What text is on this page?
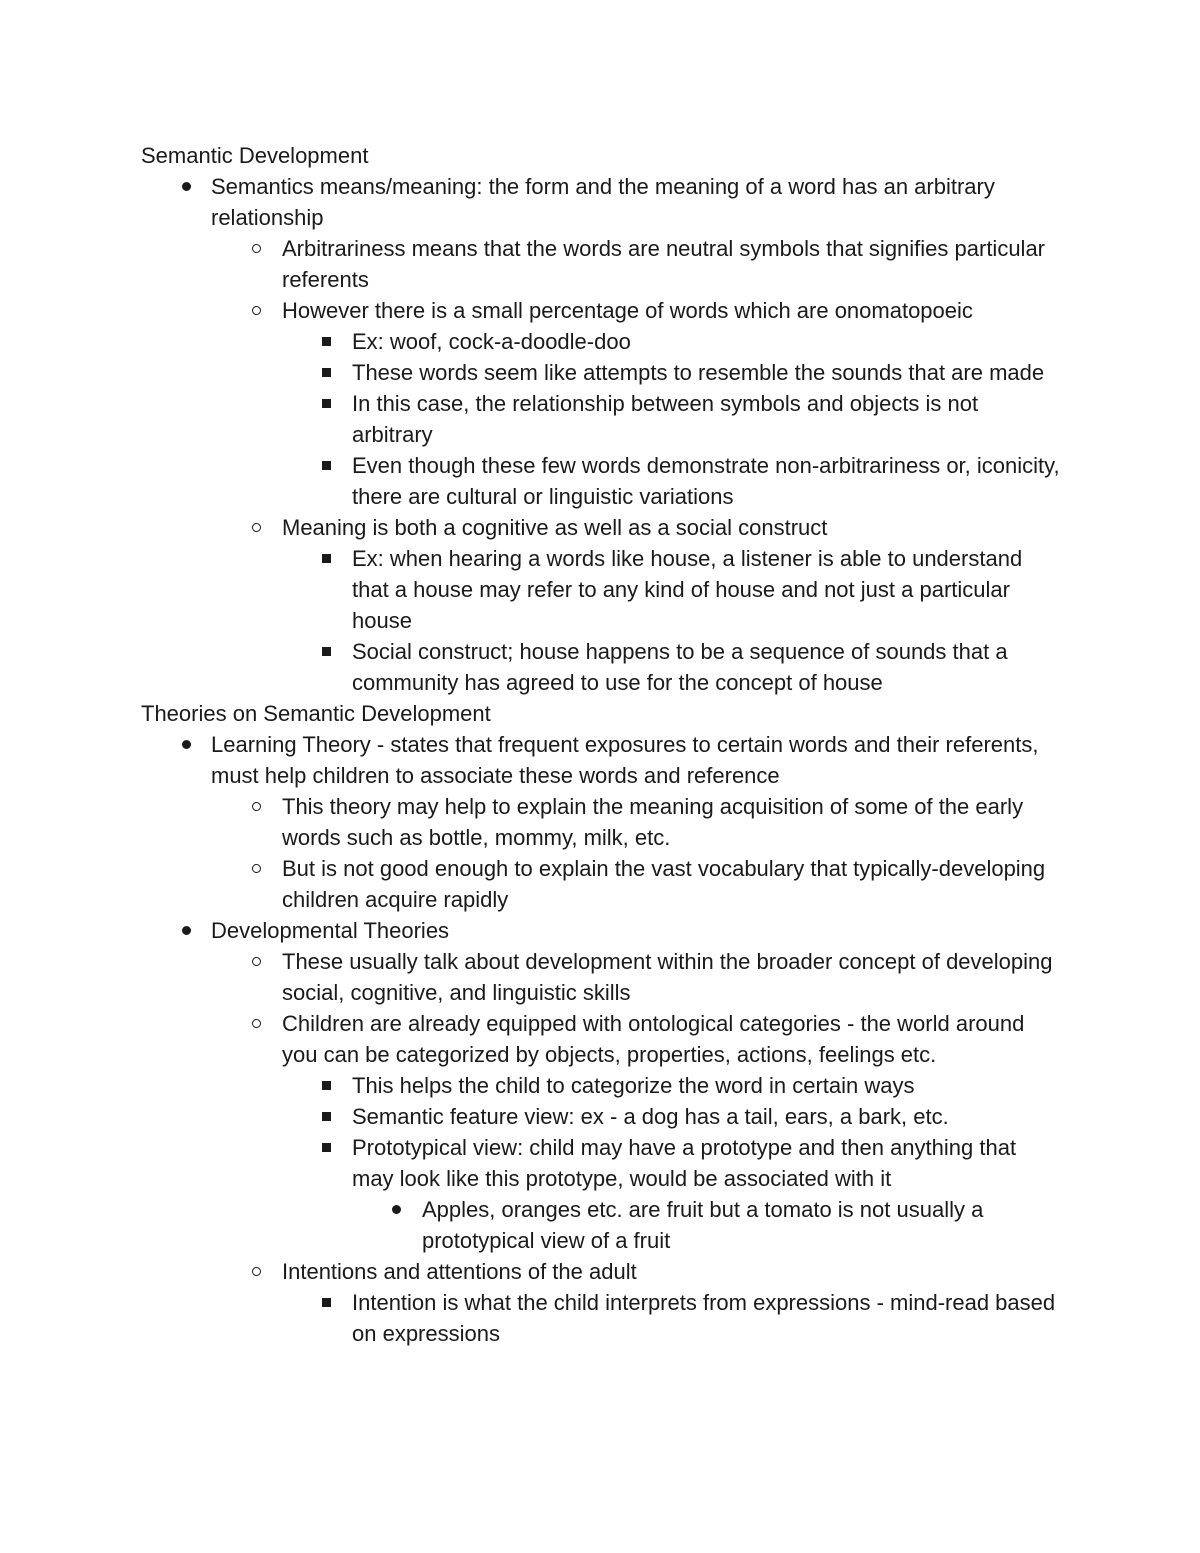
Semantic Development
Semantics means/meaning: the form and the meaning of a word has an arbitrary relationship
Arbitrariness means that the words are neutral symbols that signifies particular referents
However there is a small percentage of words which are onomatopoeic
Ex: woof, cock-a-doodle-doo
These words seem like attempts to resemble the sounds that are made
In this case, the relationship between symbols and objects is not arbitrary
Even though these few words demonstrate non-arbitrariness or, iconicity, there are cultural or linguistic variations
Meaning is both a cognitive as well as a social construct
Ex: when hearing a words like house, a listener is able to understand that a house may refer to any kind of house and not just a particular house
Social construct; house happens to be a sequence of sounds that a community has agreed to use for the concept of house
Theories on Semantic Development
Learning Theory - states that frequent exposures to certain words and their referents, must help children to associate these words and reference
This theory may help to explain the meaning acquisition of some of the early words such as bottle, mommy, milk, etc.
But is not good enough to explain the vast vocabulary that typically-developing children acquire rapidly
Developmental Theories
These usually talk about development within the broader concept of developing social, cognitive, and linguistic skills
Children are already equipped with ontological categories - the world around you can be categorized by objects, properties, actions, feelings etc.
This helps the child to categorize the word in certain ways
Semantic feature view: ex - a dog has a tail, ears, a bark, etc.
Prototypical view: child may have a prototype and then anything that may look like this prototype, would be associated with it
Apples, oranges etc. are fruit but a tomato is not usually a prototypical view of a fruit
Intentions and attentions of the adult
Intention is what the child interprets from expressions - mind-read based on expressions
